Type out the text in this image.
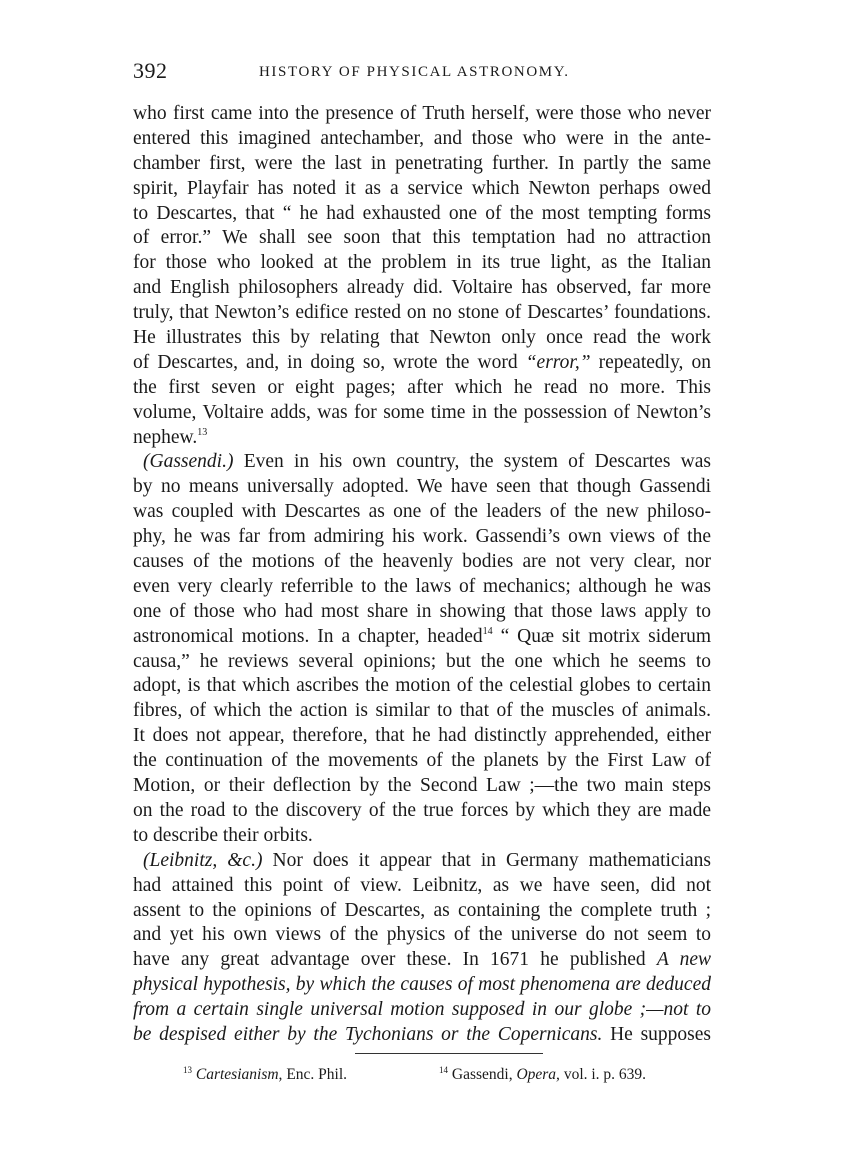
392	HISTORY OF PHYSICAL ASTRONOMY.
who first came into the presence of Truth herself, were those who never
entered this imagined antechamber, and those who were in the ante-
chamber first, were the last in penetrating further. In partly the same
spirit, Playfair has noted it as a service which Newton perhaps owed
to Descartes, that “ he had exhausted one of the most tempting forms
of error.” We shall see soon that this temptation had no attraction
for those who looked at the problem in its true light, as the Italian
and English philosophers already did. Voltaire has observed, far more
truly, that Newton’s edifice rested on no stone of Descartes’ foundations.
He illustrates this by relating that Newton only once read the work
of Descartes, and, in doing so, wrote the word “error,” repeatedly, on
the first seven or eight pages; after which he read no more. This
volume, Voltaire adds, was for some time in the possession of Newton’s
nephew.$^{13}$
(Gassendi.) Even in his own country, the system of Descartes was
by no means universally adopted. We have seen that though Gassendi
was coupled with Descartes as one of the leaders of the new philoso-
phy, he was far from admiring his work. Gassendi’s own views of the
causes of the motions of the heavenly bodies are not very clear, nor
even very clearly referrible to the laws of mechanics; although he was
one of those who had most share in showing that those laws apply to
astronomical motions. In a chapter, headed$^{14}$ “ Quæ sit motrix siderum
causa,” he reviews several opinions; but the one which he seems to
adopt, is that which ascribes the motion of the celestial globes to certain
fibres, of which the action is similar to that of the muscles of animals.
It does not appear, therefore, that he had distinctly apprehended, either
the continuation of the movements of the planets by the First Law of
Motion, or their deflection by the Second Law ;—the two main steps
on the road to the discovery of the true forces by which they are made
to describe their orbits.
(Leibnitz, &c.) Nor does it appear that in Germany mathematicians
had attained this point of view. Leibnitz, as we have seen, did not
assent to the opinions of Descartes, as containing the complete truth ;
and yet his own views of the physics of the universe do not seem to
have any great advantage over these. In 1671 he published A new
physical hypothesis, by which the causes of most phenomena are deduced
from a certain single universal motion supposed in our globe ;—not to
be despised either by the Tychonians or the Copernicans. He supposes
$^{13}$ Cartesianism, Enc. Phil.	$^{14}$ Gassendi, Opera, vol. i. p. 639.
